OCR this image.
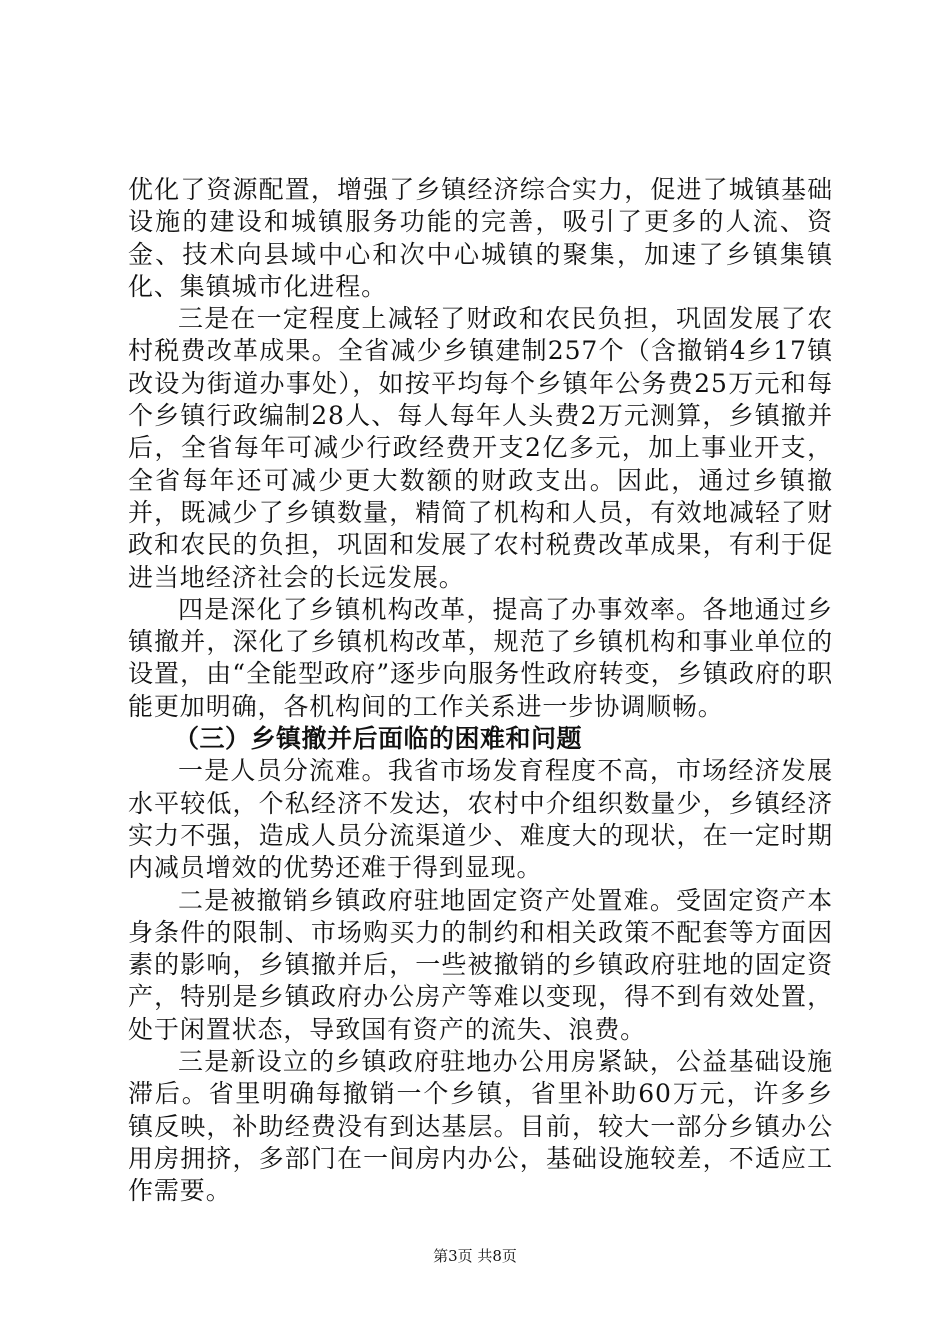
优化了资源配置，增强了乡镇经济综合实力，促进了城镇基础设施的建设和城镇服务功能的完善，吸引了更多的人流、资金、技术向县域中心和次中心城镇的聚集，加速了乡镇集镇化、集镇城市化进程。

三是在一定程度上减轻了财政和农民负担，巩固发展了农村税费改革成果。全省减少乡镇建制257个（含撤销4乡17镇改设为街道办事处），如按平均每个乡镇年公务费25万元和每个乡镇行政编制28人、每人每年人头费2万元测算，乡镇撤并后，全省每年可减少行政经费开支2亿多元，加上事业开支，全省每年还可减少更大数额的财政支出。因此，通过乡镇撤并，既减少了乡镇数量，精简了机构和人员，有效地减轻了财政和农民的负担，巩固和发展了农村税费改革成果，有利于促进当地经济社会的长远发展。

四是深化了乡镇机构改革，提高了办事效率。各地通过乡镇撤并，深化了乡镇机构改革，规范了乡镇机构和事业单位的设置，由“全能型政府”逐步向服务性政府转变，乡镇政府的职能更加明确，各机构间的工作关系进一步协调顺畅。

（三）乡镇撤并后面临的困难和问题

一是人员分流难。我省市场发育程度不高，市场经济发展水平较低，个私经济不发达，农村中介组织数量少，乡镇经济实力不强，造成人员分流渠道少、难度大的现状，在一定时期内减员增效的优势还难于得到显现。

二是被撤销乡镇政府驻地固定资产处置难。受固定资产本身条件的限制、市场购买力的制约和相关政策不配套等方面因素的影响，乡镇撤并后，一些被撤销的乡镇政府驻地的固定资产，特别是乡镇政府办公房产等难以变现，得不到有效处置，处于闲置状态，导致国有资产的流失、浪费。

三是新设立的乡镇政府驻地办公用房紧缺，公益基础设施滞后。省里明确每撤销一个乡镇，省里补助60万元，许多乡镇反映，补助经费没有到达基层。目前，较大一部分乡镇办公用房拥挤，多部门在一间房内办公，基础设施较差，不适应工作需要。

第3页 共8页
